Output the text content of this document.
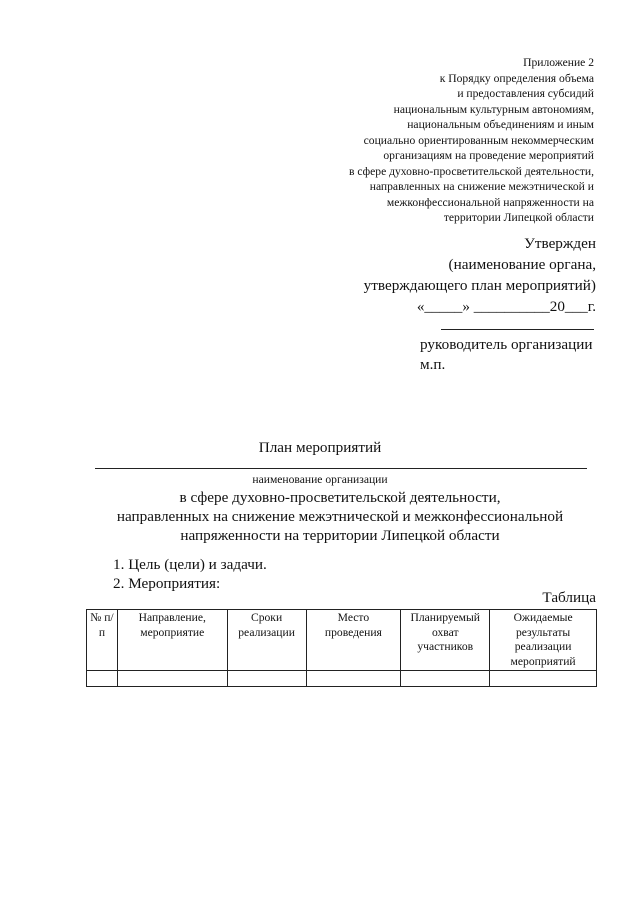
Приложение 2
к Порядку определения объема
и предоставления субсидий
национальным культурным автономиям,
национальным объединениям и иным
социально ориентированным некоммерческим
организациям на проведение мероприятий
в сфере духовно-просветительской деятельности,
направленных на снижение межэтнической и
межконфессиональной напряженности на
территории Липецкой области
Утвержден
(наименование органа,
утверждающего план мероприятий)
«_____» __________20___г.
руководитель организации
м.п.
План мероприятий
наименование организации
в сфере духовно-просветительской деятельности,
направленных на снижение межэтнической и межконфессиональной
напряженности на территории Липецкой области
1. Цель (цели) и задачи.
2. Мероприятия:
Таблица
№ п/п	Направление, мероприятие	Сроки реализации	Место проведения	Планируемый охват участников	Ожидаемые результаты реализации мероприятий
